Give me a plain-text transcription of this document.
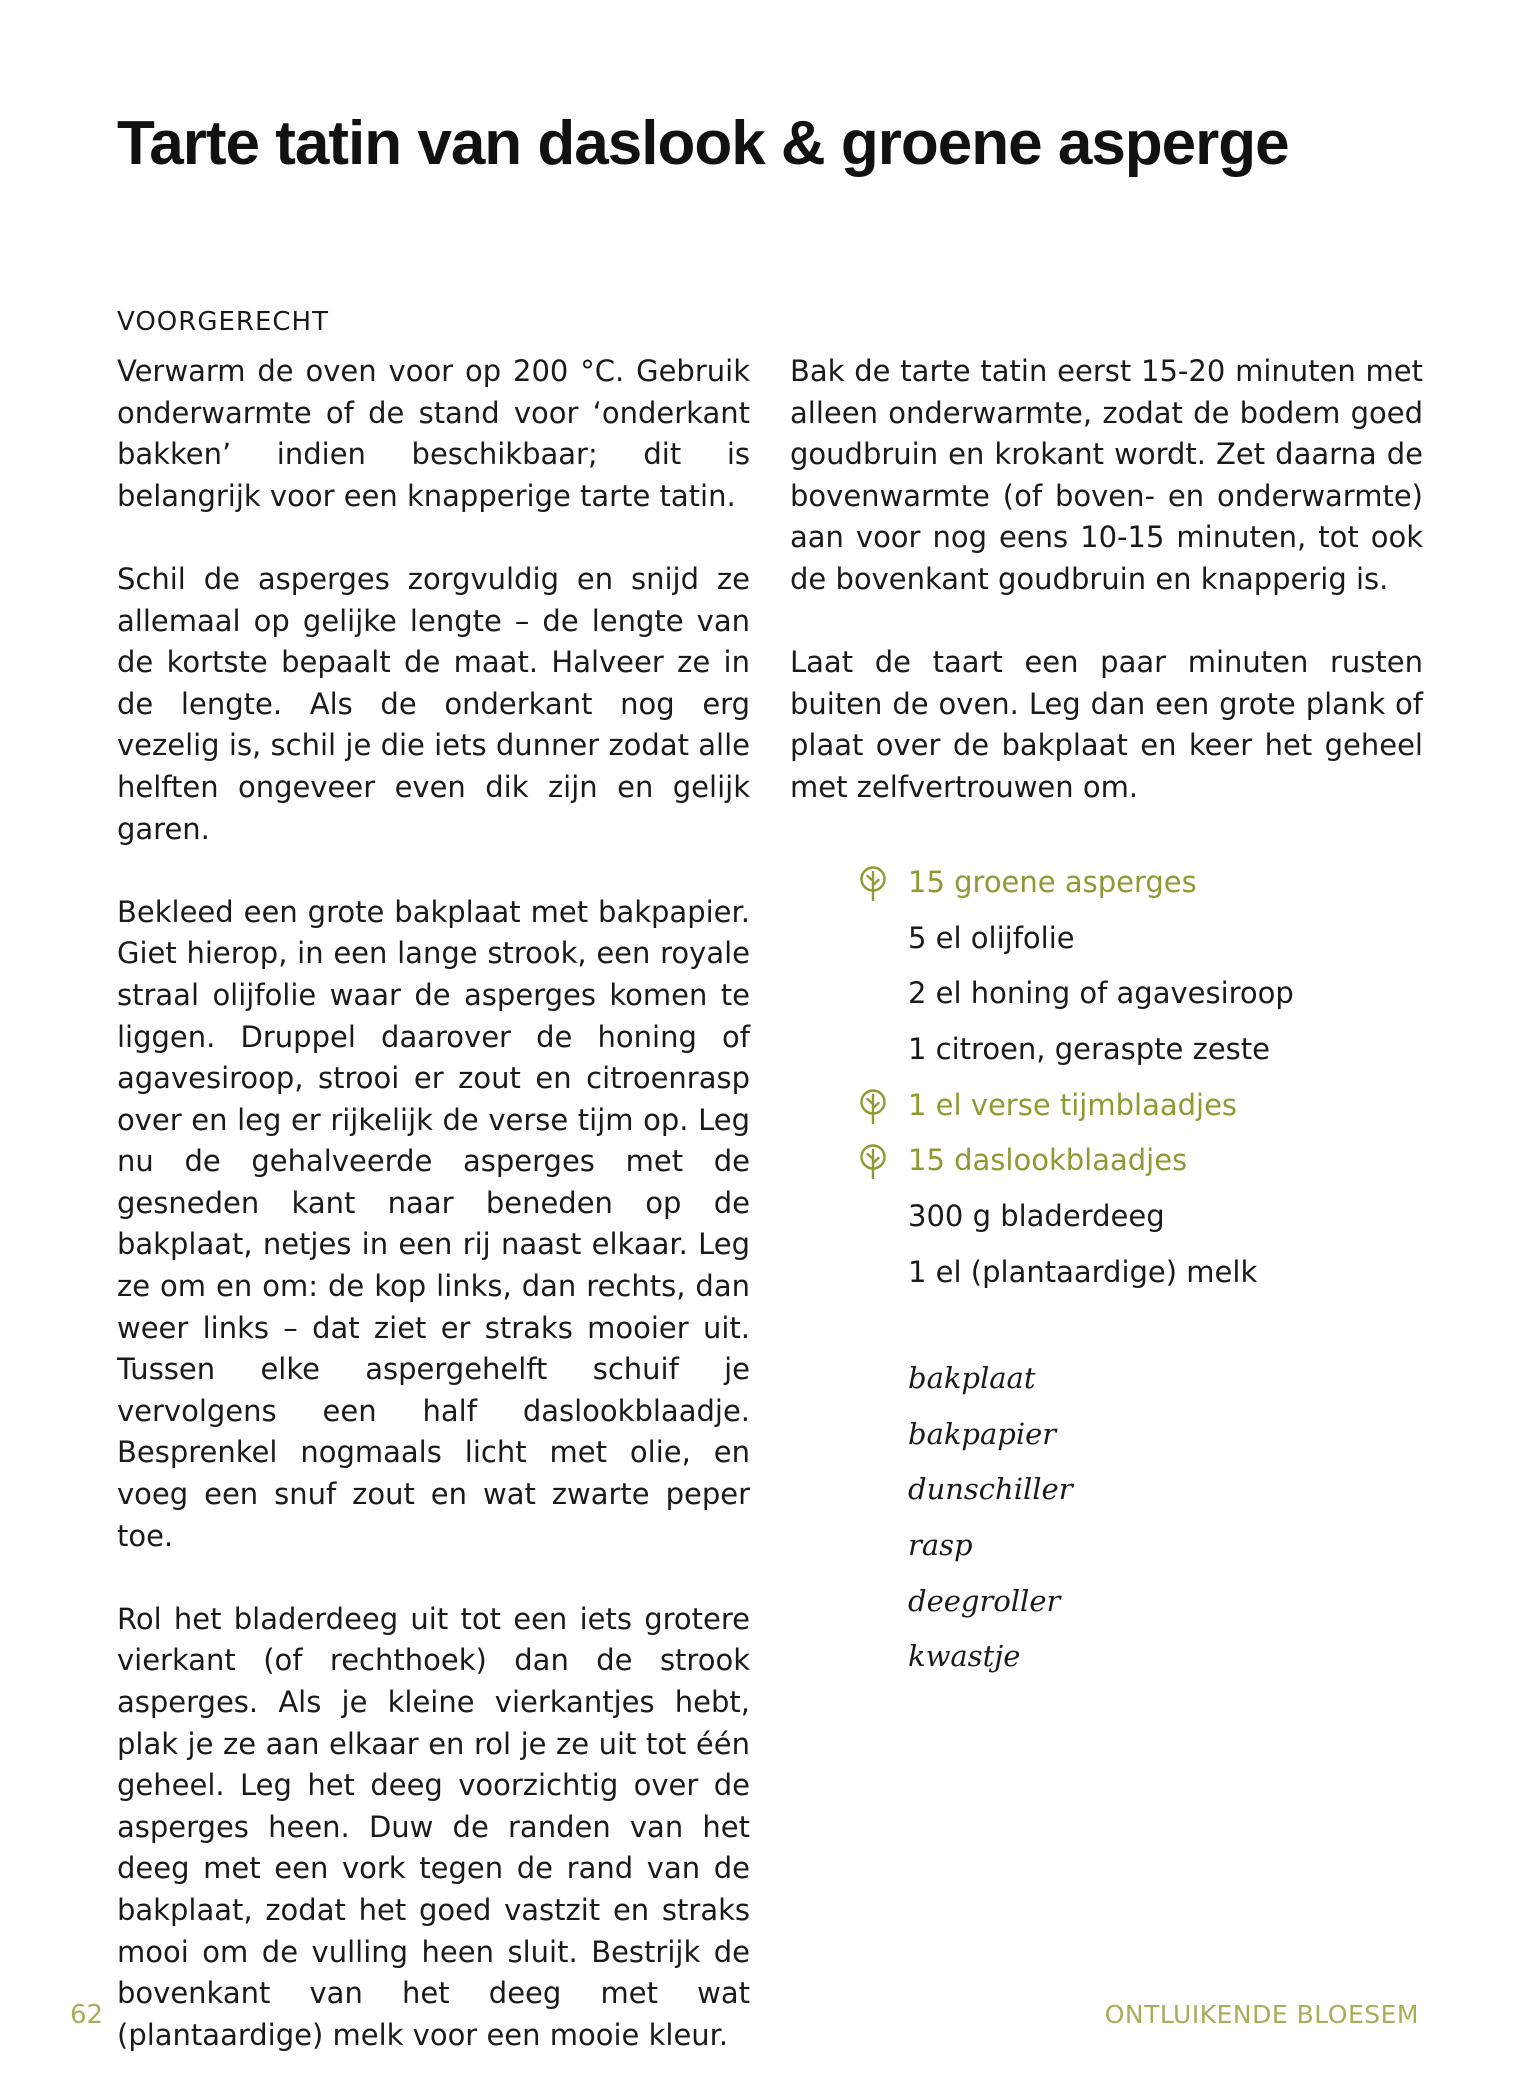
Tarte tatin van daslook & groene asperge
VOORGERECHT

Verwarm de oven voor op 200 °C. Gebruik onderwarmte of de stand voor ‘onderkant bakken’ indien beschikbaar; dit is belangrijk voor een knapperige tarte tatin.

Schil de asperges zorgvuldig en snijd ze allemaal op gelijke lengte – de lengte van de kortste bepaalt de maat. Halveer ze in de lengte. Als de onderkant nog erg vezelig is, schil je die iets dunner zodat alle helften ongeveer even dik zijn en gelijk garen.

Bekleed een grote bakplaat met bakpapier. Giet hierop, in een lange strook, een royale straal olijfolie waar de asperges komen te liggen. Druppel daarover de honing of agavesiroop, strooi er zout en citroenrasp over en leg er rijkelijk de verse tijm op. Leg nu de gehalveerde asperges met de gesneden kant naar beneden op de bakplaat, netjes in een rij naast elkaar. Leg ze om en om: de kop links, dan rechts, dan weer links – dat ziet er straks mooier uit. Tussen elke aspergehelft schuif je vervolgens een half daslookblaadje. Besprenkel nogmaals licht met olie, en voeg een snuf zout en wat zwarte peper toe.

Rol het bladerdeeg uit tot een iets grotere vierkant (of rechthoek) dan de strook asperges. Als je kleine vierkantjes hebt, plak je ze aan elkaar en rol je ze uit tot één geheel. Leg het deeg voorzichtig over de asperges heen. Duw de randen van het deeg met een vork tegen de rand van de bakplaat, zodat het goed vastzit en straks mooi om de vulling heen sluit. Bestrijk de bovenkant van het deeg met wat (plantaardige) melk voor een mooie kleur.

Bak de tarte tatin eerst 15-20 minuten met alleen onderwarmte, zodat de bodem goed goudbruin en krokant wordt. Zet daarna de bovenwarmte (of boven- en onderwarmte) aan voor nog eens 10-15 minuten, tot ook de bovenkant goudbruin en knapperig is.

Laat de taart een paar minuten rusten buiten de oven. Leg dan een grote plank of plaat over de bakplaat en keer het geheel met zelfvertrouwen om.

15 groene asperges
5 el olijfolie
2 el honing of agavesiroop
1 citroen, geraspte zeste
1 el verse tijmblaadjes
15 daslookblaadjes
300 g bladerdeeg
1 el (plantaardige) melk
bakplaat
bakpapier
dunschiller
rasp
deegroller
kwastje
62	ONTLUIKENDE BLOESEM
